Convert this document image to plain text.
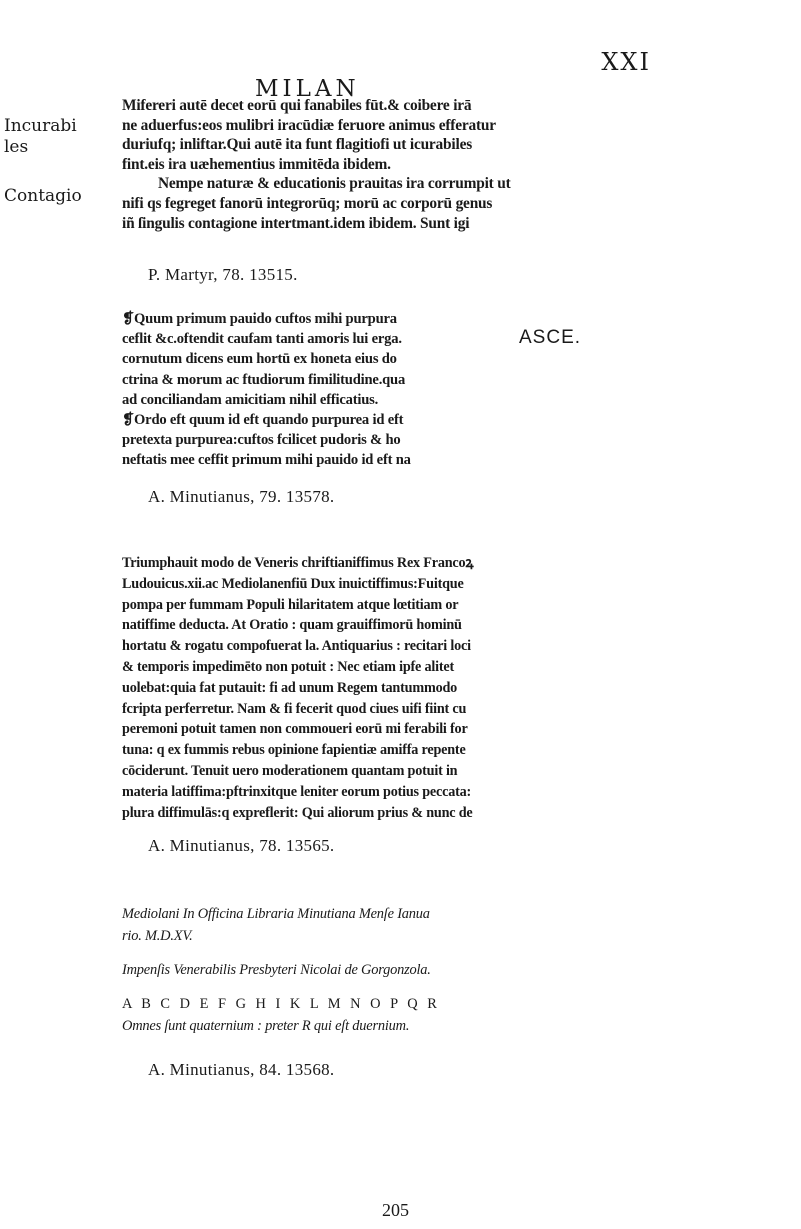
XXI
MILAN
Incurabi
les
Contagio
Mifereri autē decet eorū qui fanabiles fūt.& coibere irā
ne aduerfus:eos mulibri iracūdiæ feruore animus efferatur
duriufq; inliftar.Qui autē ita funt flagitiofi ut icurabiles
fint.eis ira uæhementius immitēda ibidem.
Nempe naturæ & educationis prauitas ira corrumpit ut
nifi qs fegreget fanorū integrorūq; morū ac corporū genus
iñ ſingulis contagione intertmant.idem ibidem. Sunt igi
P. Martyr, 78. 13515.
❡Quum primum pauido cuftos mihi purpura
ceflit &c.oftendit caufam tanti amoris lui erga.
cornutum dicens eum hortū ex honeta eius do
ctrina & morum ac ftudiorum fimilitudine.qua
ad conciliandam amicitiam nihil efficatius.
❡Ordo eft quum id eft quando purpurea id eft
pretexta purpurea:cuftos fcilicet pudoris & ho
neftatis mee ceffit primum mihi pauido id eft na
ASCE.
A. Minutianus, 79. 13578.
Triumphauit modo de Veneris chriftianiffimus Rex Francoꝝ
Ludouicus.xii.ac Mediolanenfiū Dux inuictiffimus:Fuitque
pompa per fummam Populi hilaritatem atque lœtitiam or
natiffime deducta. At Oratio : quam grauiffimorū hominū
hortatu & rogatu compofuerat la. Antiquarius : recitari loci
& temporis impedimēto non potuit : Nec etiam ipfe alitet
uolebat:quia fat putauit: fi ad unum Regem tantummodo
fcripta perferretur. Nam & fi fecerit quod ciues uifi fiint cu
peremoni potuit tamen non commoueri eorū mi ferabili for
tuna: q ex fummis rebus opinione fapientiæ amiffa repente
cōciderunt. Tenuit uero moderationem quantam potuit in
materia latiffima:pftrinxitque leniter eorum potius peccata:
plura diffimulās:q expreflerit: Qui aliorum prius & nunc de
A. Minutianus, 78. 13565.
Mediolani In Officina Libraria Minutiana Menſe Ianua
rio. M.D.XV.
Impenſis Venerabilis Presbyteri Nicolai de Gorgonzola.
A B C D E F G H I K L M N O P Q R
Omnes ſunt quaternium : preter R qui eſt duernium.
A. Minutianus, 84. 13568.
205
